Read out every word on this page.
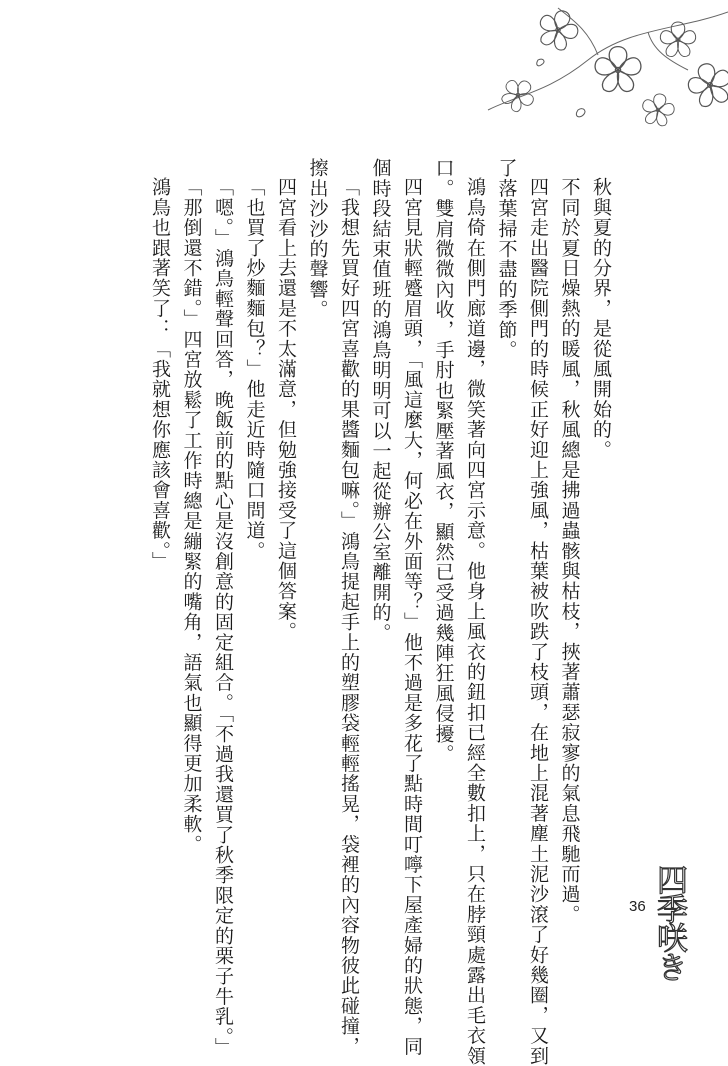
秋與夏的分界，是從風開始的。
不同於夏日燥熱的暖風，秋風總是拂過蟲骸與枯枝，挾著蕭瑟寂寥的氣息飛馳而過。
四宮走出醫院側門的時候正好迎上強風，枯葉被吹跌了枝頭，在地上混著塵土泥沙滾了好幾圈，又到
了落葉掃不盡的季節。
鴻鳥倚在側門廊道邊，微笑著向四宮示意。他身上風衣的鈕扣已經全數扣上，只在脖頸處露出毛衣領
口。雙肩微微內收，手肘也緊壓著風衣，顯然已受過幾陣狂風侵擾。
四宮見狀輕蹙眉頭，「風這麼大，何必在外面等？」他不過是多花了點時間叮嚀下屋產婦的狀態，同
個時段結束值班的鴻鳥明明可以一起從辦公室離開的。
「我想先買好四宮喜歡的果醬麵包嘛。」鴻鳥提起手上的塑膠袋輕輕搖晃，袋裡的內容物彼此碰撞，
擦出沙沙的聲響。
四宮看上去還是不太滿意，但勉強接受了這個答案。
「也買了炒麵麵包？」他走近時隨口問道。
「嗯。」鴻鳥輕聲回答，晚飯前的點心是沒創意的固定組合。「不過我還買了秋季限定的栗子牛乳。」
「那倒還不錯。」四宮放鬆了工作時總是繃緊的嘴角，語氣也顯得更加柔軟。
鴻鳥也跟著笑了：「我就想你應該會喜歡。」
36 四季咲き
